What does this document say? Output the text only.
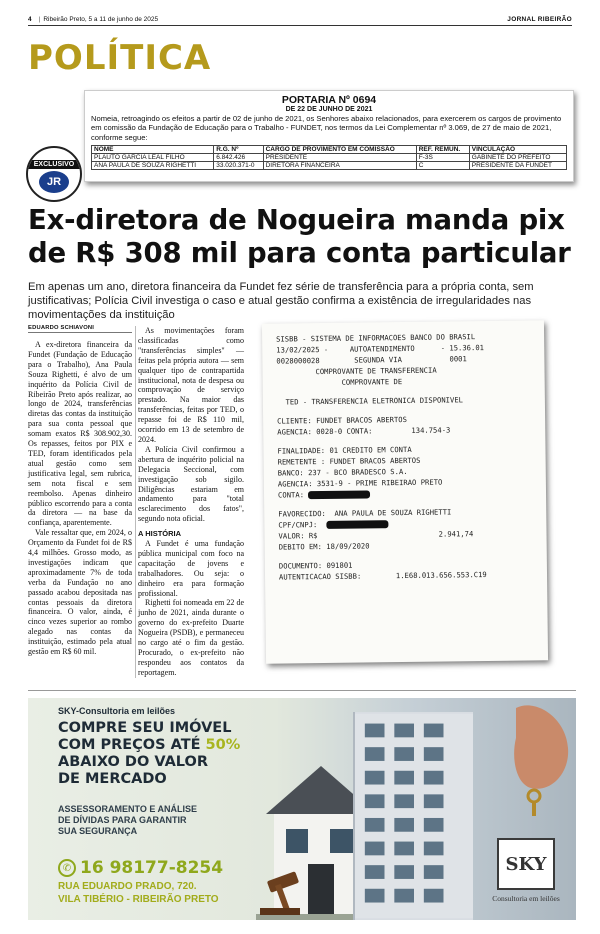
4 | Ribeirão Preto, 5 a 11 de junho de 2025	JORNAL RIBEIRÃO
POLÍTICA
PORTARIA Nº 0694
DE 22 DE JUNHO DE 2021
Nomeia, retroagindo os efeitos a partir de 02 de junho de 2021, os Senhores abaixo relacionados, para exercerem os cargos de provimento em comissão da Fundação de Educação para o Trabalho - FUNDET, nos termos da Lei Complementar nº 3.069, de 27 de maio de 2021, conforme segue:
NOME	R.G. Nº	CARGO DE PROVIMENTO EM COMISSÃO	REF. REMUN.	VINCULAÇÃO
PLAUTO GARCIA LEAL FILHO	6.842.426	PRESIDENTE	F-3S	GABINETE DO PREFEITO
ANA PAULA DE SOUZA RIGHETTI	33.020.371-0	DIRETORA FINANCEIRA	C	PRESIDENTE DA FUNDET
EXCLUSIVO
JR
Ex-diretora de Nogueira manda pix de R$ 308 mil para conta particular

Em apenas um ano, diretora financeira da Fundet fez série de transferência para a própria conta, sem justificativas; Polícia Civil investiga o caso e atual gestão confirma a existência de irregularidades nas movimentações da instituição

EDUARDO SCHIAVONI

A ex-diretora financeira da Fundet (Fundação de Educação para o Trabalho), Ana Paula Souza Righetti, é alvo de um inquérito da Polícia Civil de Ribeirão Preto após realizar, ao longo de 2024, transferências diretas das contas da instituição para sua conta pessoal que somam exatos R$ 308.902,30. Os repasses, feitos por PIX e TED, foram identificados pela atual gestão como sem justificativa legal, sem rubrica, sem nota fiscal e sem reembolso. Apenas dinheiro público escorrendo para a conta da diretora — na base da confiança, aparentemente.

Vale ressaltar que, em 2024, o Orçamento da Fundet foi de R$ 4,4 milhões. Grosso modo, as investigações indicam que aproximadamente 7% de toda verba da Fundação no ano passado acabou depositada nas contas pessoais da diretora financeira. O valor, ainda, é cinco vezes superior ao rombo alegado nas contas da instituição, estimado pela atual gestão em R$ 60 mil.

As movimentações foram classificadas como "transferências simples" — feitas pela própria autora — sem qualquer tipo de contrapartida institucional, nota de despesa ou comprovação de serviço prestado. Na maior das transferências, feitas por TED, o repasse foi de R$ 110 mil, ocorrido em 13 de setembro de 2024.

A Polícia Civil confirmou a abertura de inquérito policial na Delegacia Seccional, com investigação sob sigilo. Diligências estariam em andamento para "total esclarecimento dos fatos", segundo nota oficial.

A HISTÓRIA

A Fundet é uma fundação pública municipal com foco na capacitação de jovens e trabalhadores. Ou seja: o dinheiro era para formação profissional.

Righetti foi nomeada em 22 de junho de 2021, ainda durante o governo do ex-prefeito Duarte Nogueira (PSDB), e permaneceu no cargo até o fim da gestão. Procurado, o ex-prefeito não respondeu aos contatos da reportagem.

SISBB - SISTEMA DE INFORMACOES BANCO DO BRASIL
13/02/2025 -     AUTOATENDIMENTO      - 15.36.01
0028000028        SEGUNDA VIA           0001
COMPROVANTE DE TRANSFERENCIA
COMPROVANTE DE
TED - TRANSFERENCIA ELETRONICA DISPONIVEL
CLIENTE: FUNDET BRACOS ABERTOS
AGENCIA: 0028-0 CONTA:         134.754-3
FINALIDADE: 01 CREDITO EM CONTA
REMETENTE : FUNDET BRACOS ABERTOS
BANCO: 237 - BCO BRADESCO S.A.
AGENCIA: 3531-9 - PRIME RIBEIRAO PRETO
CONTA:
FAVORECIDO:  ANA PAULA DE SOUZA RIGHETTI
CPF/CNPJ:
VALOR: R$	2.941,74
DEBITO EM: 18/09/2020
DOCUMENTO: 091801
AUTENTICACAO SISBB:        1.E68.013.656.553.C19
SKY-Consultoria em leilões
COMPRE SEU IMÓVEL
COM PREÇOS ATÉ 50%
ABAIXO DO VALOR
DE MERCADO
ASSESSORAMENTO E ANÁLISE
DE DÍVIDAS PARA GARANTIR
SUA SEGURANÇA
✆ 16 98177-8254
RUA EDUARDO PRADO, 720.
VILA TIBÉRIO - RIBEIRÃO PRETO
SKY
Consultoria em leilões
